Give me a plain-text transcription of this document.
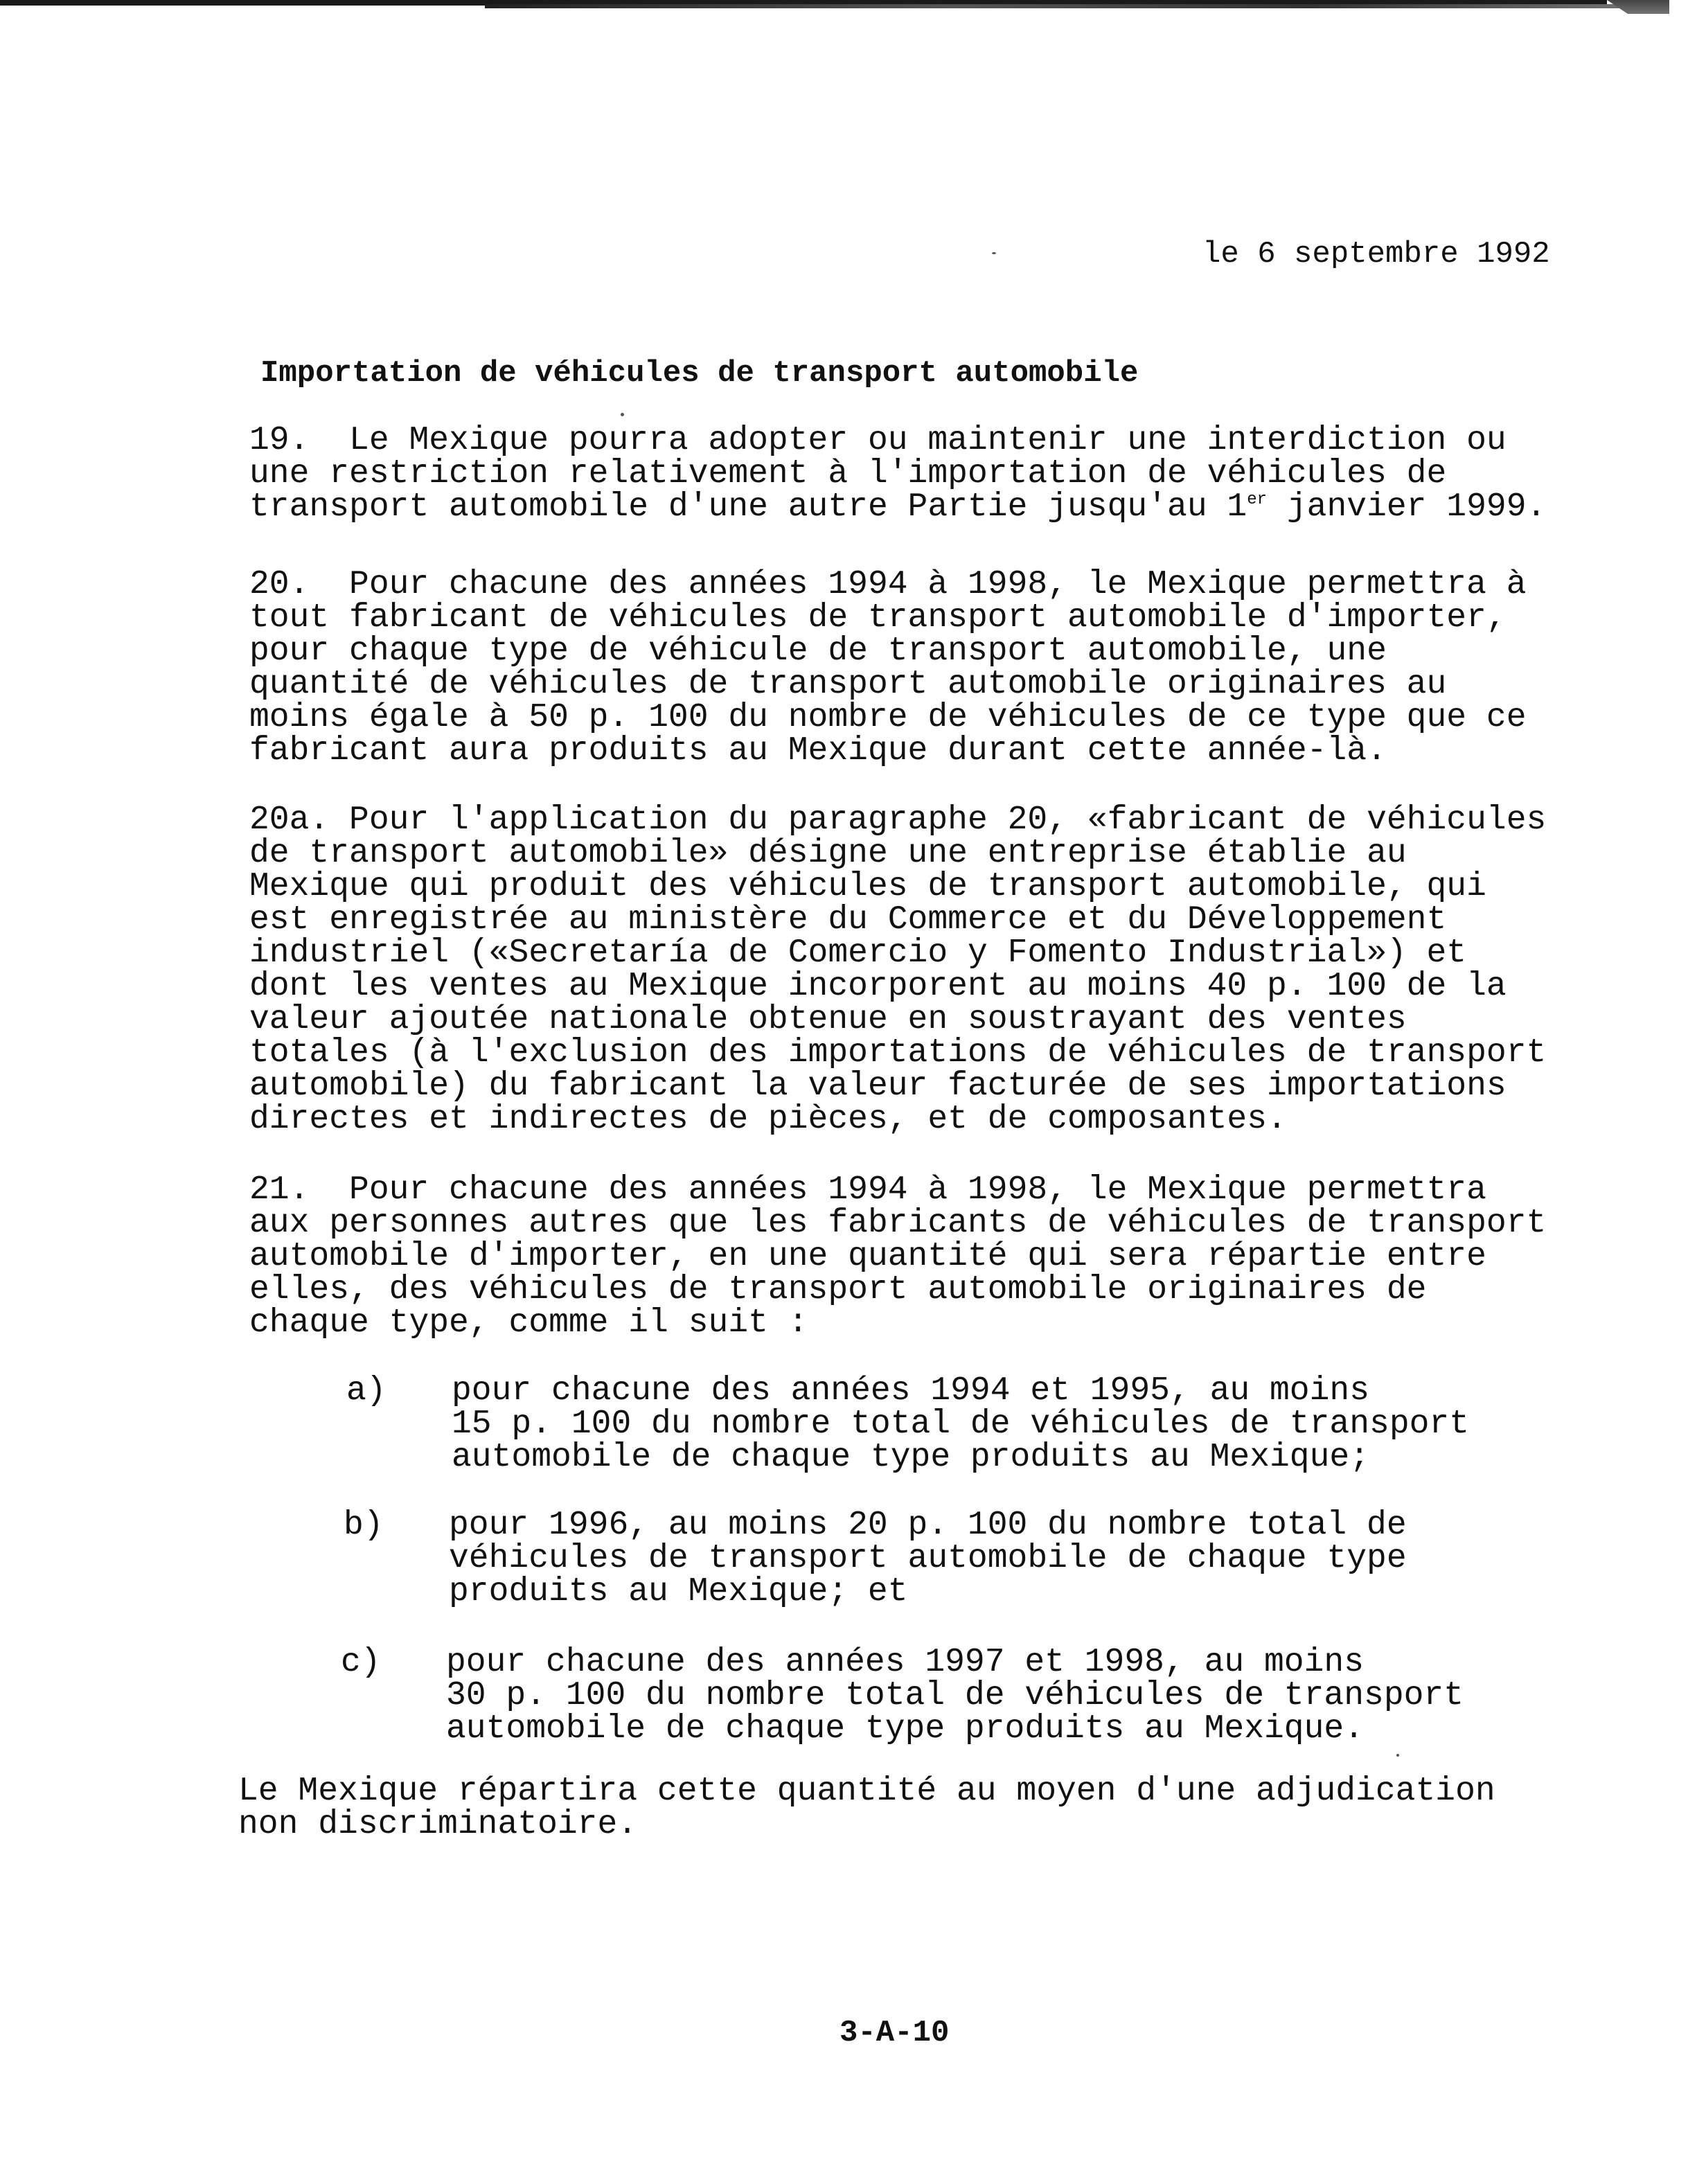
le 6 septembre 1992
Importation de véhicules de transport automobile
19.  Le Mexique pourra adopter ou maintenir une interdiction ou
une restriction relativement à l'importation de véhicules de
transport automobile d'une autre Partie jusqu'au 1er janvier 1999.
20.  Pour chacune des années 1994 à 1998, le Mexique permettra à
tout fabricant de véhicules de transport automobile d'importer,
pour chaque type de véhicule de transport automobile, une
quantité de véhicules de transport automobile originaires au
moins égale à 50 p. 100 du nombre de véhicules de ce type que ce
fabricant aura produits au Mexique durant cette année-là.
20a. Pour l'application du paragraphe 20, «fabricant de véhicules
de transport automobile» désigne une entreprise établie au
Mexique qui produit des véhicules de transport automobile, qui
est enregistrée au ministère du Commerce et du Développement
industriel («Secretaría de Comercio y Fomento Industrial») et
dont les ventes au Mexique incorporent au moins 40 p. 100 de la
valeur ajoutée nationale obtenue en soustrayant des ventes
totales (à l'exclusion des importations de véhicules de transport
automobile) du fabricant la valeur facturée de ses importations
directes et indirectes de pièces, et de composantes.
21.  Pour chacune des années 1994 à 1998, le Mexique permettra
aux personnes autres que les fabricants de véhicules de transport
automobile d'importer, en une quantité qui sera répartie entre
elles, des véhicules de transport automobile originaires de
chaque type, comme il suit :
a) pour chacune des années 1994 et 1995, au moins
15 p. 100 du nombre total de véhicules de transport
automobile de chaque type produits au Mexique;
b) pour 1996, au moins 20 p. 100 du nombre total de
véhicules de transport automobile de chaque type
produits au Mexique; et
c) pour chacune des années 1997 et 1998, au moins
30 p. 100 du nombre total de véhicules de transport
automobile de chaque type produits au Mexique.
Le Mexique répartira cette quantité au moyen d'une adjudication
non discriminatoire.
3-A-10
